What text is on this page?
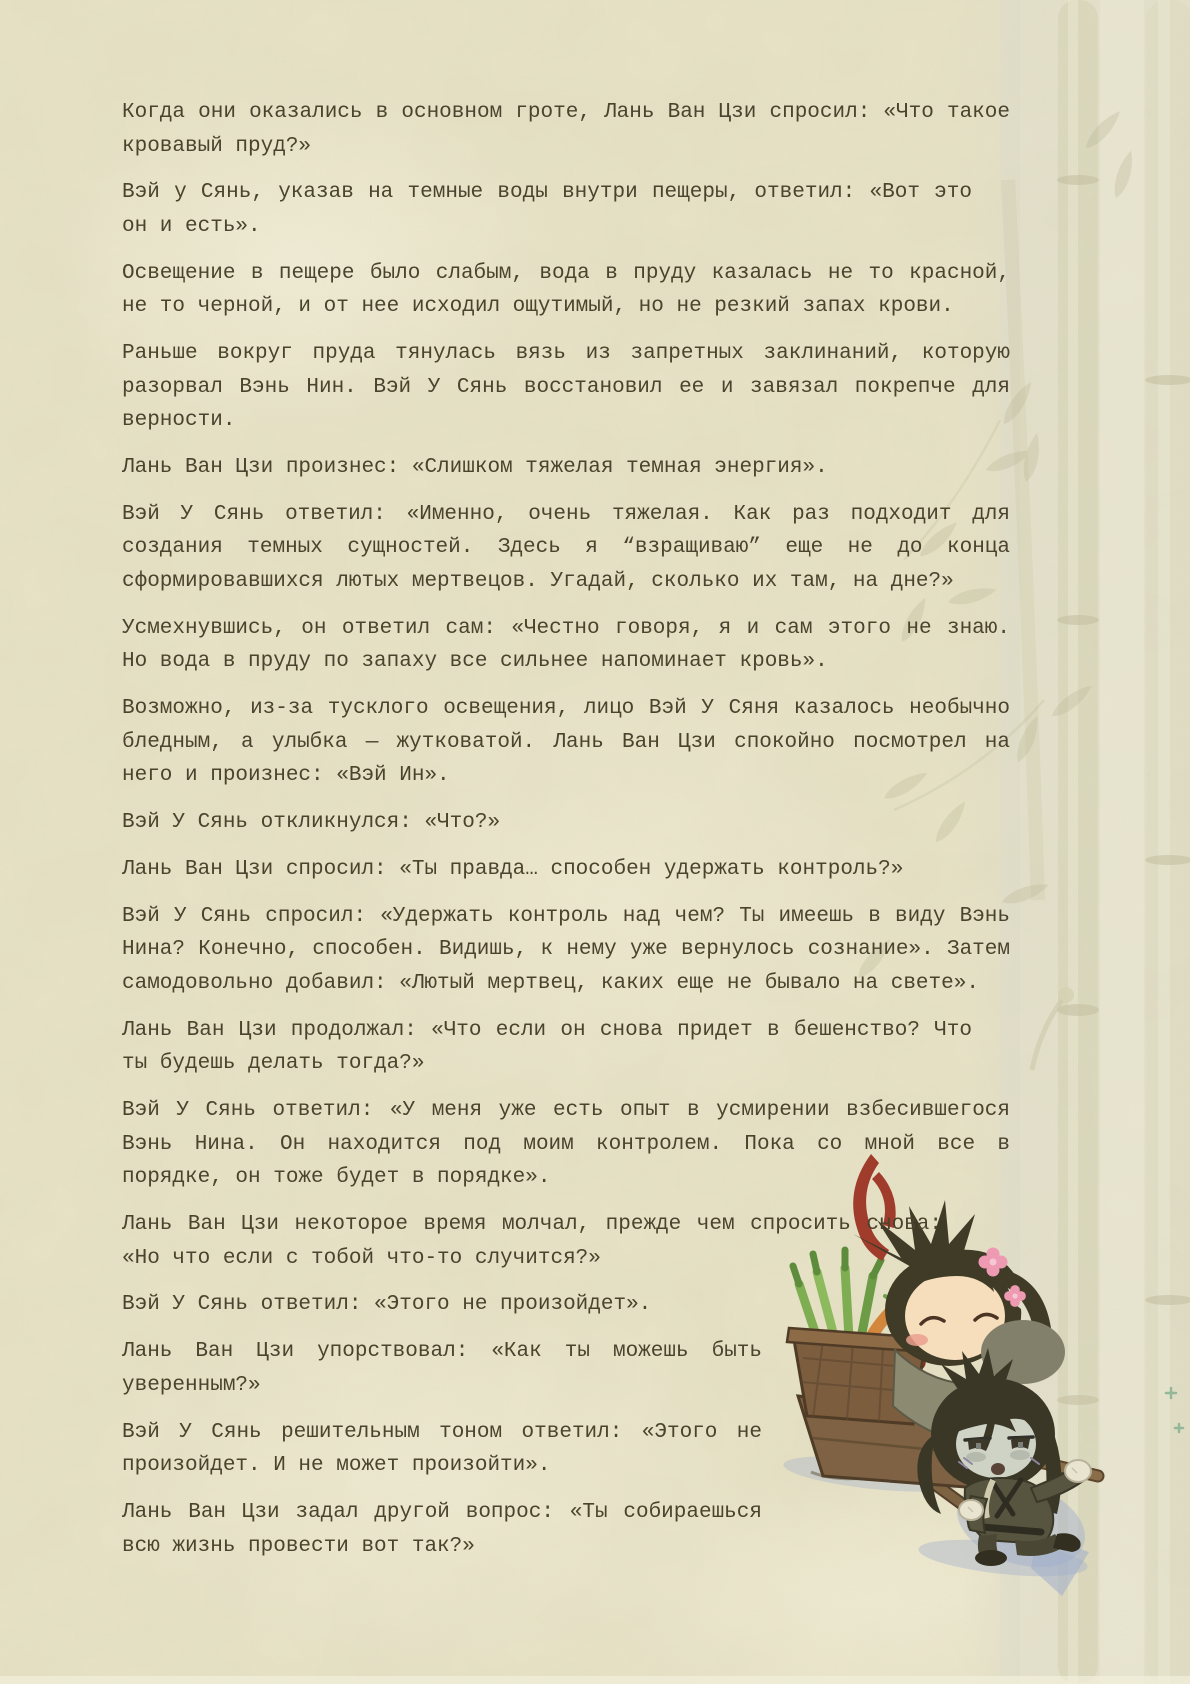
Когда они оказались в основном гроте, Лань Ван Цзи спросил: «Что такое кровавый пруд?»

Вэй у Сянь, указав на темные воды внутри пещеры, ответил: «Вот это он и есть».

Освещение в пещере было слабым, вода в пруду казалась не то красной, не то черной, и от нее исходил ощутимый, но не резкий запах крови.

Раньше вокруг пруда тянулась вязь из запретных заклинаний, которую разорвал Вэнь Нин. Вэй У Сянь восстановил ее и завязал покрепче для верности.

Лань Ван Цзи произнес: «Слишком тяжелая темная энергия».

Вэй У Сянь ответил: «Именно, очень тяжелая. Как раз подходит для создания темных сущностей. Здесь я “взращиваю” еще не до конца сформировавшихся лютых мертвецов. Угадай, сколько их там, на дне?»

Усмехнувшись, он ответил сам: «Честно говоря, я и сам этого не знаю. Но вода в пруду по запаху все сильнее напоминает кровь».

Возможно, из-за тусклого освещения, лицо Вэй У Сяня казалось необычно бледным, а улыбка — жутковатой. Лань Ван Цзи спокойно посмотрел на него и произнес: «Вэй Ин».

Вэй У Сянь откликнулся: «Что?»

Лань Ван Цзи спросил: «Ты правда… способен удержать контроль?»

Вэй У Сянь спросил: «Удержать контроль над чем? Ты имеешь в виду Вэнь Нина? Конечно, способен. Видишь, к нему уже вернулось сознание». Затем самодовольно добавил: «Лютый мертвец, каких еще не бывало на свете».

Лань Ван Цзи продолжал: «Что если он снова придет в бешенство? Что ты будешь делать тогда?»

Вэй У Сянь ответил: «У меня уже есть опыт в усмирении взбесившегося Вэнь Нина. Он находится под моим контролем. Пока со мной все в порядке, он тоже будет в порядке».

Лань Ван Цзи некоторое время молчал, прежде чем спросить снова: «Но что если с тобой что-то случится?»

Вэй У Сянь ответил: «Этого не произойдет».

Лань Ван Цзи упорствовал: «Как ты можешь быть уверенным?»

Вэй У Сянь решительным тоном ответил: «Этого не произойдет. И не может произойти».

Лань Ван Цзи задал другой вопрос: «Ты собираешься всю жизнь провести вот так?»
